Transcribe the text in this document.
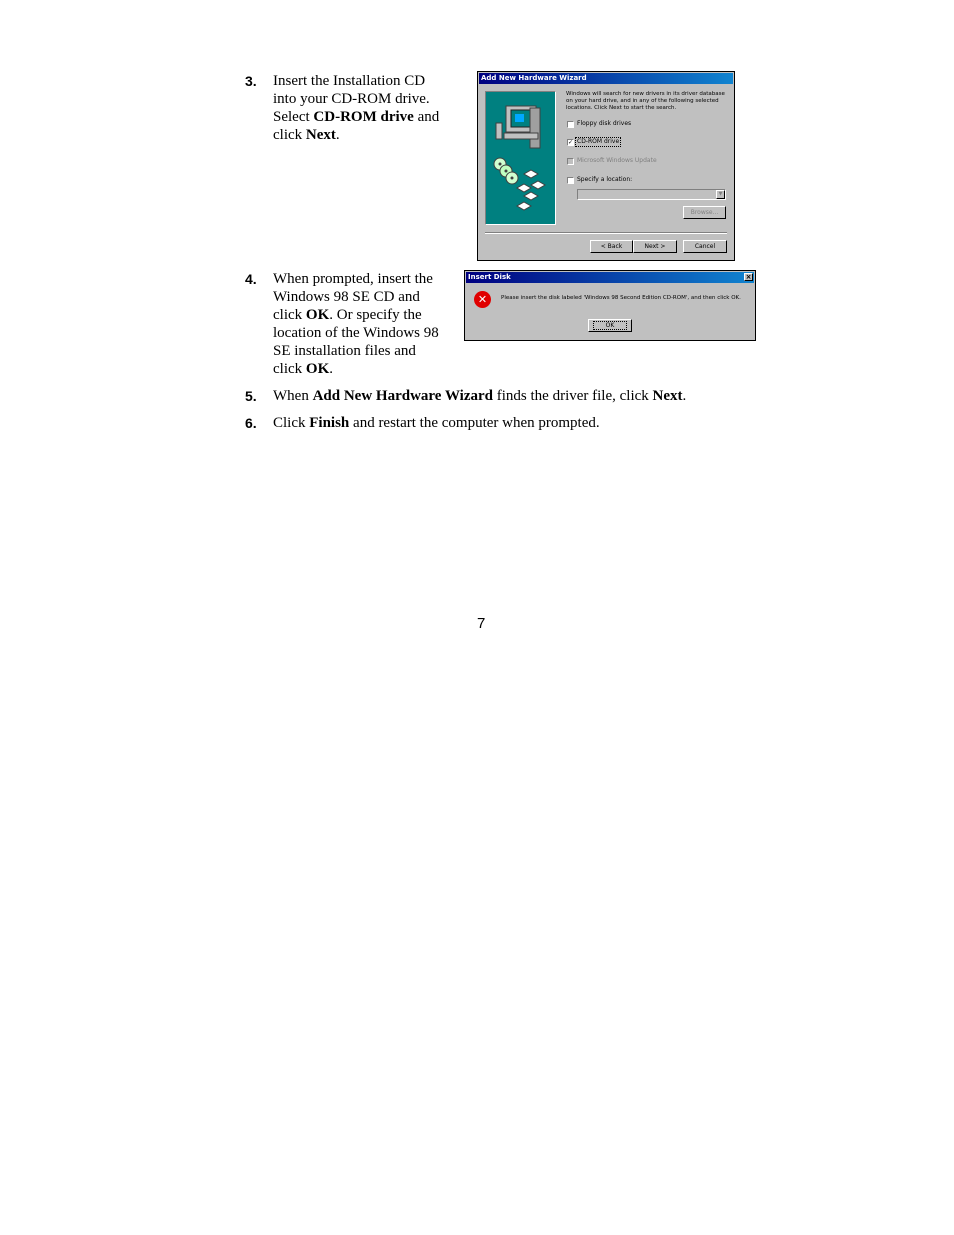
3. Insert the Installation CD
into your CD-ROM drive.
Select CD-ROM drive and
click Next.
Add New Hardware Wizard
Windows will search for new drivers in its driver database on your hard drive, and in any of the following selected locations. Click Next to start the search.
Floppy disk drives
✓ CD-ROM drive
Microsoft Windows Update
Specify a location:
▼
Browse...
< Back	Next >	Cancel
4. When prompted, insert the
Windows 98 SE CD and
click OK. Or specify the
location of the Windows 98
SE installation files and
click OK.
Insert Disk	×
✕	Please insert the disk labeled 'Windows 98 Second Edition CD-ROM', and then click OK.
OK
5. When Add New Hardware Wizard finds the driver file, click Next.
6. Click Finish and restart the computer when prompted.
7
